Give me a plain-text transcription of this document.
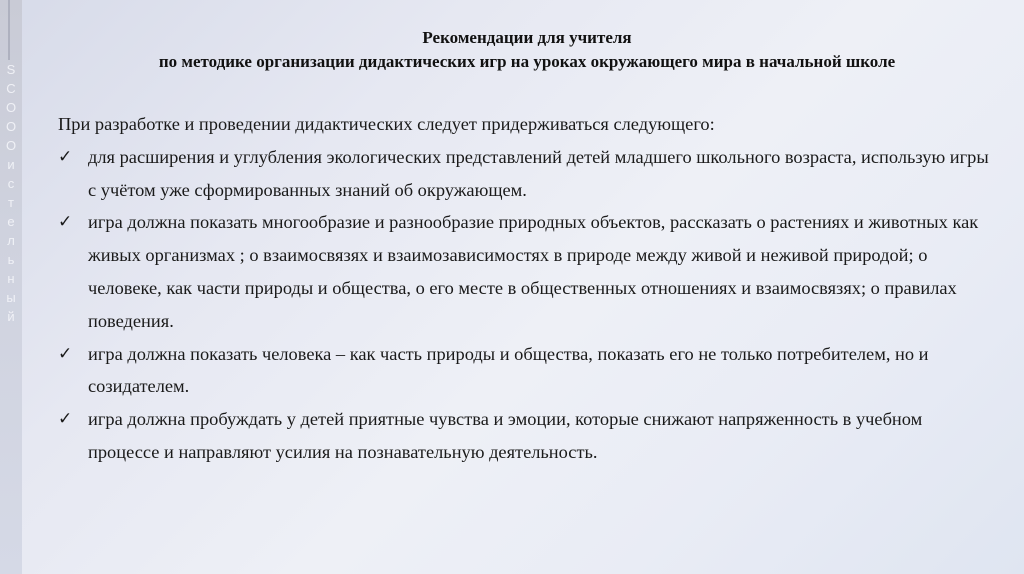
S
C
O
O
O
и
с
т
е
л
ь
н
ы
й
Рекомендации для учителя
по методике организации дидактических игр на уроках окружающего мира в начальной школе

При разработке и проведении дидактических следует придерживаться следующего:

✓ для расширения и углубления экологических представлений детей младшего школьного возраста, использую игры с учётом уже сформированных знаний об окружающем.

✓ игра должна показать многообразие и разнообразие природных объектов, рассказать о растениях и животных как живых организмах ; о взаимосвязях и взаимозависимостях в природе между живой и неживой природой; о человеке, как части природы и общества, о его месте в общественных отношениях и взаимосвязях; о правилах поведения.

✓ игра должна показать человека – как часть природы и общества, показать его не только потребителем, но и созидателем.

✓ игра должна пробуждать у детей приятные чувства и эмоции, которые снижают напряженность в учебном процессе и направляют усилия на познавательную деятельность.
